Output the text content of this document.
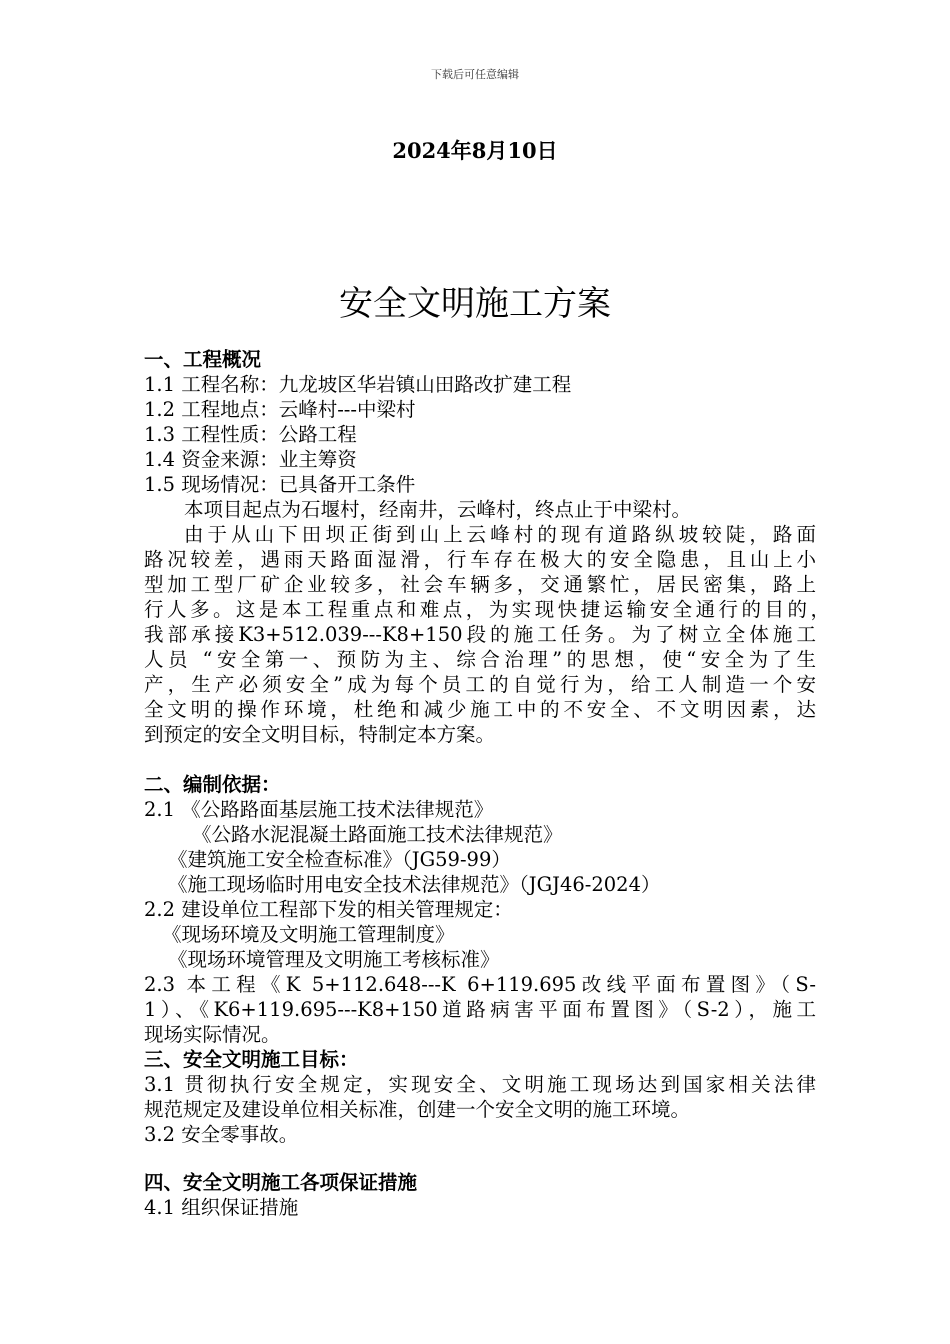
下载后可任意编辑
2024年8月10日
安全文明施工方案
一、工程概况
1.1 工程名称：九龙坡区华岩镇山田路改扩建工程
1.2 工程地点：云峰村---中梁村
1.3 工程性质：公路工程
1.4 资金来源：业主筹资
1.5 现场情况：已具备开工条件
本项目起点为石堰村，经南井，云峰村，终点止于中梁村。
由于从山下田坝正街到山上云峰村的现有道路纵坡较陡，路面
路况较差，遇雨天路面湿滑，行车存在极大的安全隐患，且山上小
型加工型厂矿企业较多，社会车辆多，交通繁忙，居民密集，路上
行人多。这是本工程重点和难点，为实现快捷运输安全通行的目的，
我部承接K3+512.039---K8+150段的施工任务。为了树立全体施工
人员 “安全第一、预防为主、综合治理”的思想，使“安全为了生
产，生产必须安全”成为每个员工的自觉行为，给工人制造一个安
全文明的操作环境，杜绝和减少施工中的不安全、不文明因素，达
到预定的安全文明目标，特制定本方案。
二、编制依据：
2.1 《公路路面基层施工技术法律规范》
《公路水泥混凝土路面施工技术法律规范》
《建筑施工安全检查标准》（JG59-99）
《施工现场临时用电安全技术法律规范》（JGJ46-2024）
2.2 建设单位工程部下发的相关管理规定：
《现场环境及文明施工管理制度》
《现场环境管理及文明施工考核标准》
2.3 本工程《K 5+112.648---K 6+119.695改线平面布置图》（S-
1）、《K6+119.695---K8+150道路病害平面布置图》（S-2），施工
现场实际情况。
三、安全文明施工目标：
3.1 贯彻执行安全规定，实现安全、文明施工现场达到国家相关法律
规范规定及建设单位相关标准，创建一个安全文明的施工环境。
3.2 安全零事故。
四、安全文明施工各项保证措施
4.1 组织保证措施
